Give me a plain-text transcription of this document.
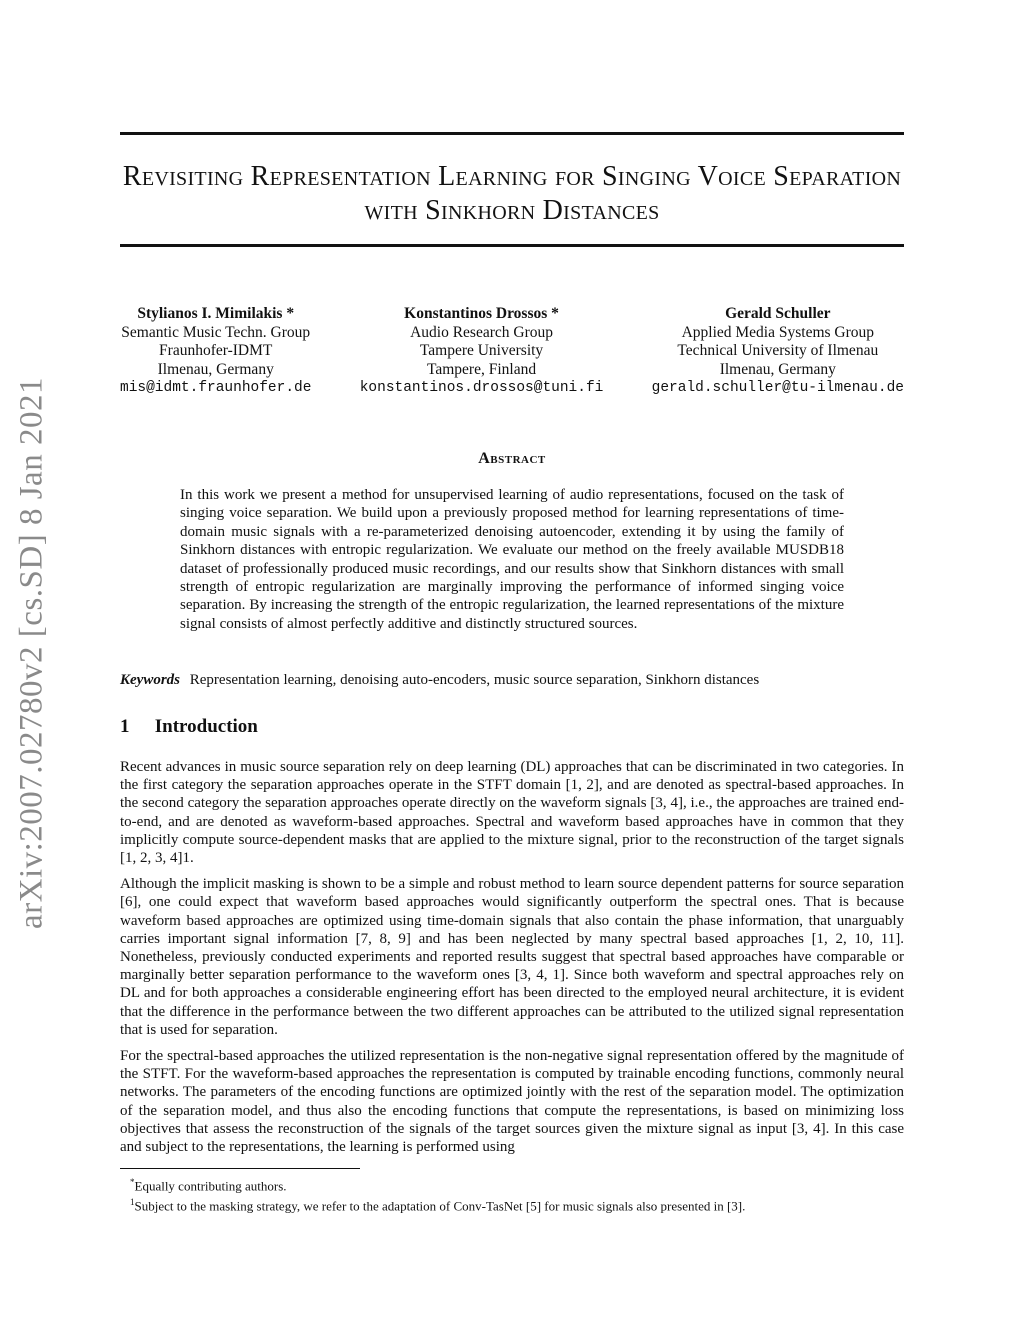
arXiv:2007.02780v2 [cs.SD] 8 Jan 2021
Revisiting Representation Learning for Singing Voice Separation with Sinkhorn Distances
Stylianos I. Mimilakis *
Semantic Music Techn. Group
Fraunhofer-IDMT
Ilmenau, Germany
mis@idmt.fraunhofer.de
Konstantinos Drossos *
Audio Research Group
Tampere University
Tampere, Finland
konstantinos.drossos@tuni.fi
Gerald Schuller
Applied Media Systems Group
Technical University of Ilmenau
Ilmenau, Germany
gerald.schuller@tu-ilmenau.de
Abstract
In this work we present a method for unsupervised learning of audio representations, focused on the task of singing voice separation. We build upon a previously proposed method for learning representations of time-domain music signals with a re-parameterized denoising autoencoder, extending it by using the family of Sinkhorn distances with entropic regularization. We evaluate our method on the freely available MUSDB18 dataset of professionally produced music recordings, and our results show that Sinkhorn distances with small strength of entropic regularization are marginally improving the performance of informed singing voice separation. By increasing the strength of the entropic regularization, the learned representations of the mixture signal consists of almost perfectly additive and distinctly structured sources.
Keywords Representation learning, denoising auto-encoders, music source separation, Sinkhorn distances
1 Introduction

Recent advances in music source separation rely on deep learning (DL) approaches that can be discriminated in two categories. In the first category the separation approaches operate in the STFT domain [1, 2], and are denoted as spectral-based approaches. In the second category the separation approaches operate directly on the waveform signals [3, 4], i.e., the approaches are trained end-to-end, and are denoted as waveform-based approaches. Spectral and waveform based approaches have in common that they implicitly compute source-dependent masks that are applied to the mixture signal, prior to the reconstruction of the target signals [1, 2, 3, 4]1.

Although the implicit masking is shown to be a simple and robust method to learn source dependent patterns for source separation [6], one could expect that waveform based approaches would significantly outperform the spectral ones. That is because waveform based approaches are optimized using time-domain signals that also contain the phase information, that unarguably carries important signal information [7, 8, 9] and has been neglected by many spectral based approaches [1, 2, 10, 11]. Nonetheless, previously conducted experiments and reported results suggest that spectral based approaches have comparable or marginally better separation performance to the waveform ones [3, 4, 1]. Since both waveform and spectral approaches rely on DL and for both approaches a considerable engineering effort has been directed to the employed neural architecture, it is evident that the difference in the performance between the two different approaches can be attributed to the utilized signal representation that is used for separation.

For the spectral-based approaches the utilized representation is the non-negative signal representation offered by the magnitude of the STFT. For the waveform-based approaches the representation is computed by trainable encoding functions, commonly neural networks. The parameters of the encoding functions are optimized jointly with the rest of the separation model. The optimization of the separation model, and thus also the encoding functions that compute the representations, is based on minimizing loss objectives that assess the reconstruction of the signals of the target sources given the mixture signal as input [3, 4]. In this case and subject to the representations, the learning is performed using

*Equally contributing authors.
$^1$Subject to the masking strategy, we refer to the adaptation of Conv-TasNet [5] for music signals also presented in [3].
